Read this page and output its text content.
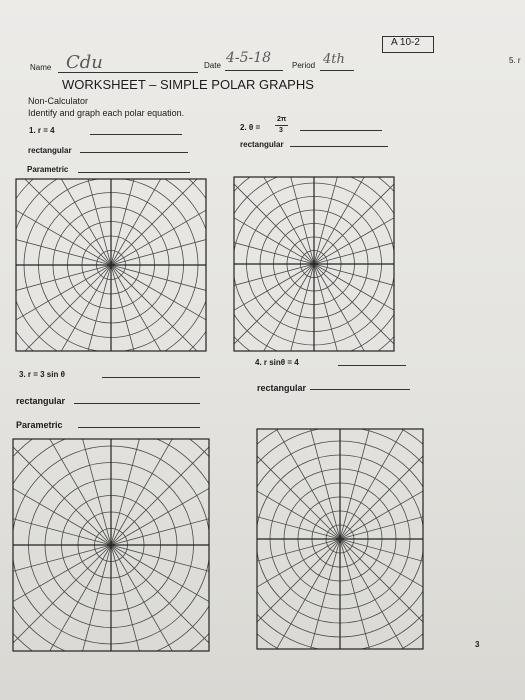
A 10-2
5. r
Name Cdu	Date 4-5-18	Period 4th
WORKSHEET – SIMPLE POLAR GRAPHS
Non-Calculator
Identify and graph each polar equation.
1. r = 4
rectangular
Parametric
2. θ =
2π
3
rectangular
3. r = 3 sin θ
rectangular
Parametric
4. r sinθ = 4
rectangular
3
